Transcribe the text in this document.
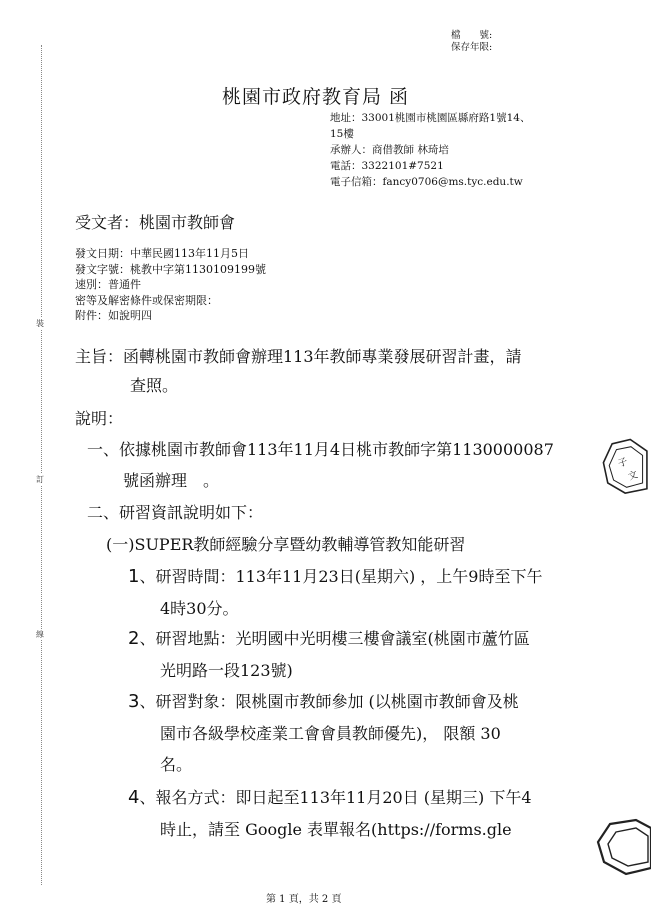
裝
訂
線
檔　　號:
保存年限:
桃園市政府教育局 函
地址：33001桃園市桃園區縣府路1號14、
15樓
承辦人：商借教師 林琦培
電話：3322101#7521
電子信箱：fancy0706@ms.tyc.edu.tw
受文者：桃園市教師會
發文日期：中華民國113年11月5日
發文字號：桃教中字第1130109199號
速別：普通件
密等及解密條件或保密期限：
附件：如說明四
主旨：函轉桃園市教師會辦理113年教師專業發展研習計畫，請
查照。
說明：
一、依據桃園市教師會113年11月4日桃市教師字第1130000087
號函辦理　。
二、研習資訊說明如下：
(一)SUPER教師經驗分享暨幼教輔導管教知能研習
1、研習時間：113年11月23日(星期六) ，上午9時至下午
4時30分。
2、研習地點：光明國中光明樓三樓會議室(桃園市蘆竹區
光明路一段123號)
3、研習對象：限桃園市教師參加 (以桃園市教師會及桃
園市各級學校產業工會會員教師優先)， 限額 30
名。
4、報名方式：即日起至113年11月20日 (星期三) 下午4
時止，請至 Google 表單報名(https://forms.gle
子
文
第 1 頁，共 2 頁
